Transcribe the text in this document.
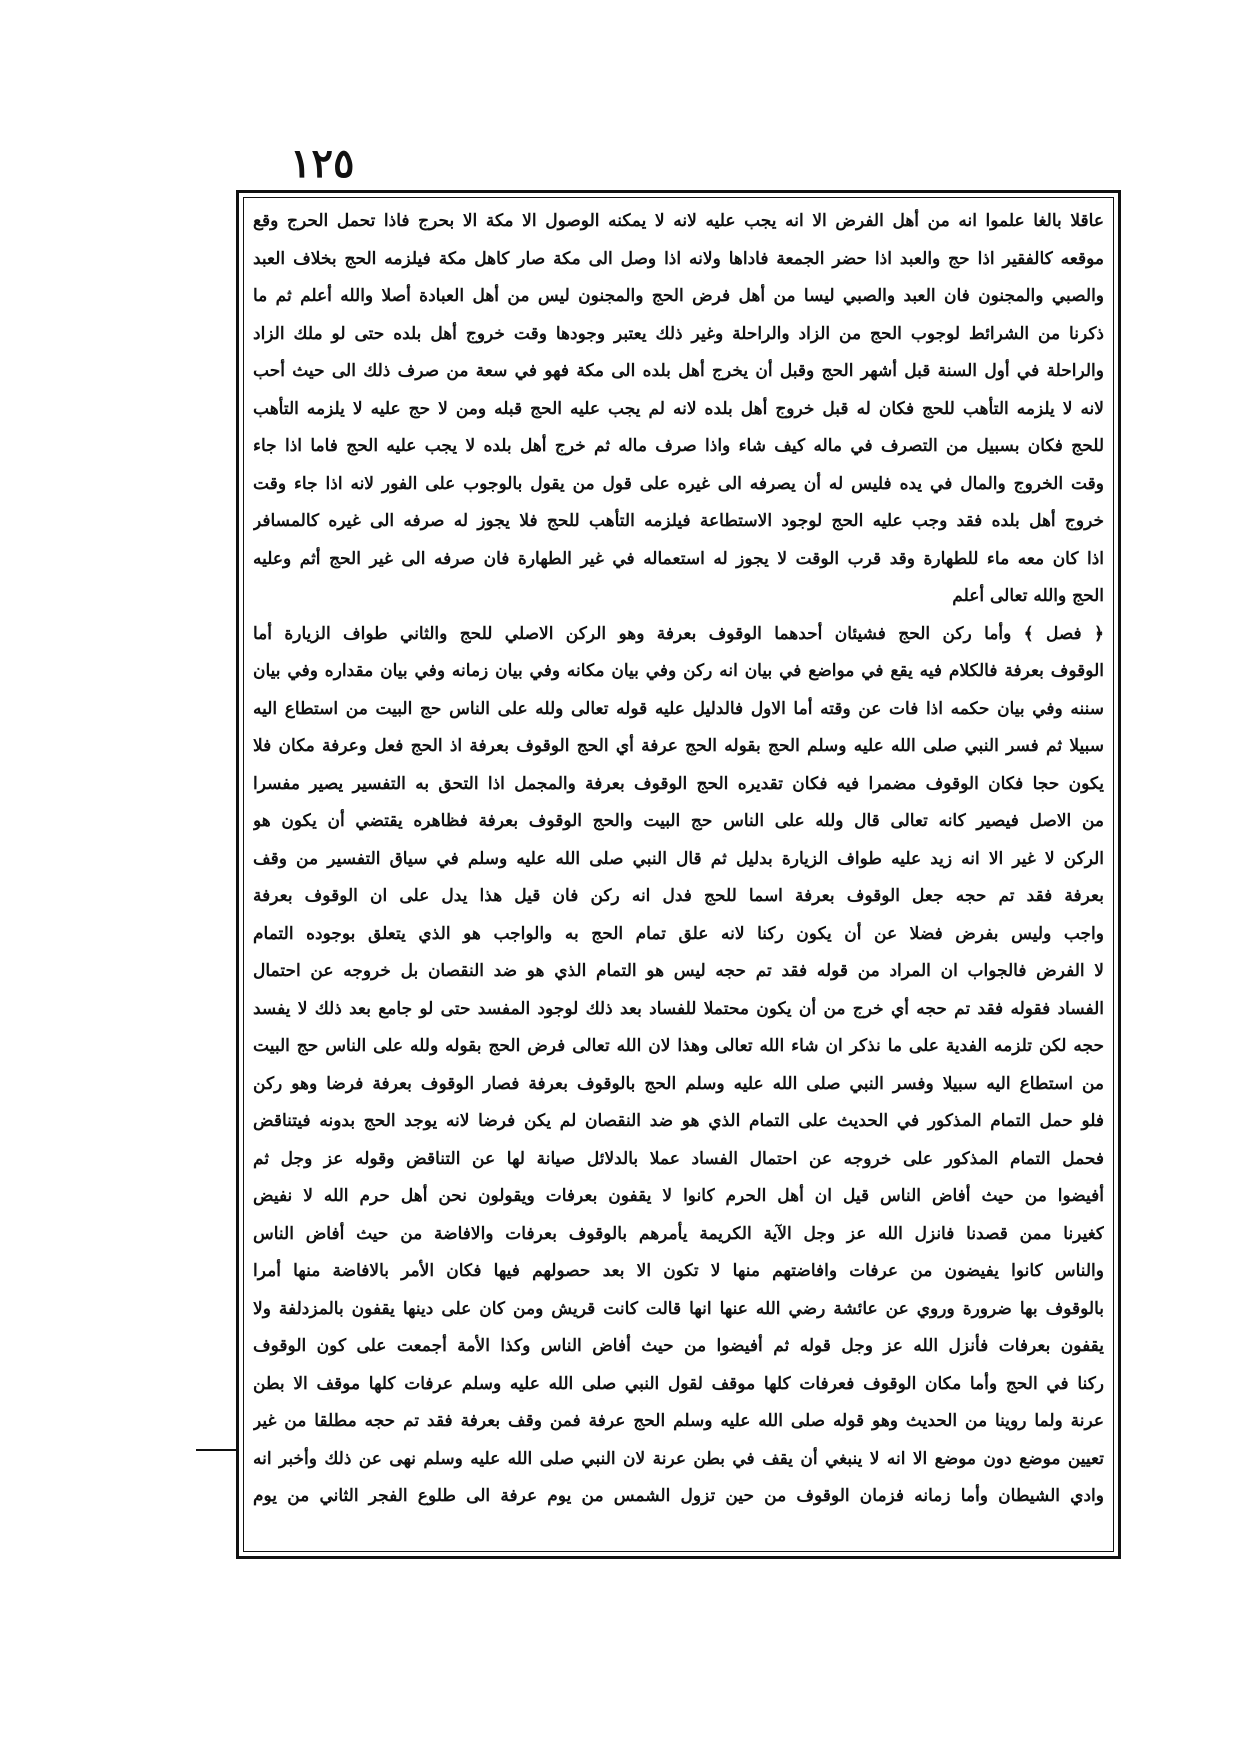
١٢٥
عاقلا بالغا علموا انه من أهل الفرض الا انه يجب عليه لانه لا يمكنه الوصول الا مكة الا بحرج فاذا تحمل الحرج وقع
موقعه كالفقير اذا حج والعبد اذا حضر الجمعة فاداها ولانه اذا وصل الى مكة صار كاهل مكة فيلزمه الحج بخلاف العبد
والصبي والمجنون فان العبد والصبي ليسا من أهل فرض الحج والمجنون ليس من أهل العبادة أصلا والله أعلم ثم ما
ذكرنا من الشرائط لوجوب الحج من الزاد والراحلة وغير ذلك يعتبر وجودها وقت خروج أهل بلده حتى لو ملك الزاد
والراحلة في أول السنة قبل أشهر الحج وقبل أن يخرج أهل بلده الى مكة فهو في سعة من صرف ذلك الى حيث أحب
لانه لا يلزمه التأهب للحج فكان له قبل خروج أهل بلده لانه لم يجب عليه الحج قبله ومن لا حج عليه لا يلزمه التأهب
للحج فكان بسبيل من التصرف في ماله كيف شاء واذا صرف ماله ثم خرج أهل بلده لا يجب عليه الحج فاما اذا جاء
وقت الخروج والمال في يده فليس له أن يصرفه الى غيره على قول من يقول بالوجوب على الفور لانه اذا جاء وقت
خروج أهل بلده فقد وجب عليه الحج لوجود الاستطاعة فيلزمه التأهب للحج فلا يجوز له صرفه الى غيره كالمسافر
اذا كان معه ماء للطهارة وقد قرب الوقت لا يجوز له استعماله في غير الطهارة فان صرفه الى غير الحج أثم وعليه
الحج والله تعالى أعلم
﴿ فصل ﴾ وأما ركن الحج فشيئان أحدهما الوقوف بعرفة وهو الركن الاصلي للحج والثاني طواف الزيارة أما
الوقوف بعرفة فالكلام فيه يقع في مواضع في بيان انه ركن وفي بيان مكانه وفي بيان زمانه وفي بيان مقداره وفي بيان
سننه وفي بيان حكمه اذا فات عن وقته أما الاول فالدليل عليه قوله تعالى ولله على الناس حج البيت من استطاع اليه
سبيلا ثم فسر النبي صلى الله عليه وسلم الحج بقوله الحج عرفة أي الحج الوقوف بعرفة اذ الحج فعل وعرفة مكان فلا
يكون حجا فكان الوقوف مضمرا فيه فكان تقديره الحج الوقوف بعرفة والمجمل اذا التحق به التفسير يصير مفسرا
من الاصل فيصير كانه تعالى قال ولله على الناس حج البيت والحج الوقوف بعرفة فظاهره يقتضي أن يكون هو
الركن لا غير الا انه زيد عليه طواف الزيارة بدليل ثم قال النبي صلى الله عليه وسلم في سياق التفسير من وقف
بعرفة فقد تم حجه جعل الوقوف بعرفة اسما للحج فدل انه ركن فان قيل هذا يدل على ان الوقوف بعرفة
واجب وليس بفرض فضلا عن أن يكون ركنا لانه علق تمام الحج به والواجب هو الذي يتعلق بوجوده التمام
لا الفرض فالجواب ان المراد من قوله فقد تم حجه ليس هو التمام الذي هو ضد النقصان بل خروجه عن احتمال
الفساد فقوله فقد تم حجه أي خرج من أن يكون محتملا للفساد بعد ذلك لوجود المفسد حتى لو جامع بعد ذلك لا يفسد
حجه لكن تلزمه الفدية على ما نذكر ان شاء الله تعالى وهذا لان الله تعالى فرض الحج بقوله ولله على الناس حج البيت
من استطاع اليه سبيلا وفسر النبي صلى الله عليه وسلم الحج بالوقوف بعرفة فصار الوقوف بعرفة فرضا وهو ركن
فلو حمل التمام المذكور في الحديث على التمام الذي هو ضد النقصان لم يكن فرضا لانه يوجد الحج بدونه فيتناقض
فحمل التمام المذكور على خروجه عن احتمال الفساد عملا بالدلائل صيانة لها عن التناقض وقوله عز وجل ثم
أفيضوا من حيث أفاض الناس قيل ان أهل الحرم كانوا لا يقفون بعرفات ويقولون نحن أهل حرم الله لا نفيض
كغيرنا ممن قصدنا فانزل الله عز وجل الآية الكريمة يأمرهم بالوقوف بعرفات والافاضة من حيث أفاض الناس
والناس كانوا يفيضون من عرفات وافاضتهم منها لا تكون الا بعد حصولهم فيها فكان الأمر بالافاضة منها أمرا
بالوقوف بها ضرورة وروي عن عائشة رضي الله عنها انها قالت كانت قريش ومن كان على دينها يقفون بالمزدلفة ولا
يقفون بعرفات فأنزل الله عز وجل قوله ثم أفيضوا من حيث أفاض الناس وكذا الأمة أجمعت على كون الوقوف
ركنا في الحج وأما مكان الوقوف فعرفات كلها موقف لقول النبي صلى الله عليه وسلم عرفات كلها موقف الا بطن
عرنة ولما روينا من الحديث وهو قوله صلى الله عليه وسلم الحج عرفة فمن وقف بعرفة فقد تم حجه مطلقا من غير
تعيين موضع دون موضع الا انه لا ينبغي أن يقف في بطن عرنة لان النبي صلى الله عليه وسلم نهى عن ذلك وأخبر انه
وادي الشيطان وأما زمانه فزمان الوقوف من حين تزول الشمس من يوم عرفة الى طلوع الفجر الثاني من يوم
